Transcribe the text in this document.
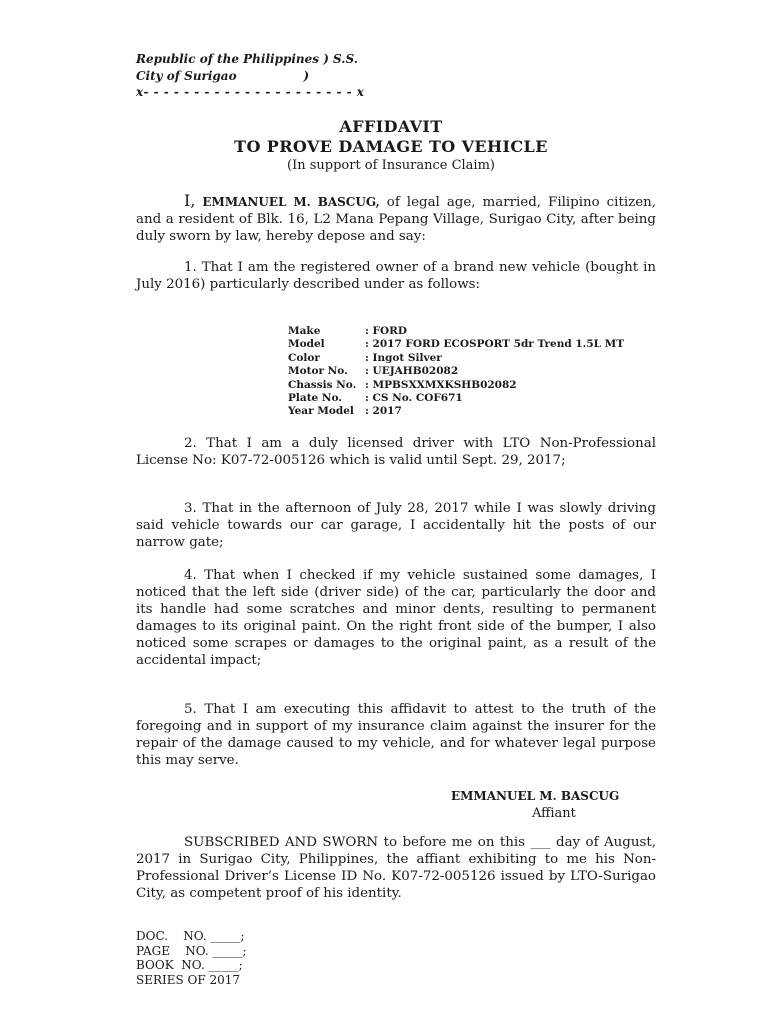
Republic of the Philippines ) S.S.
City of Surigao                )
x- - - - - - - - - - - - - - - - - - - - - x
AFFIDAVIT
TO PROVE DAMAGE TO VEHICLE
(In support of Insurance Claim)
I, EMMANUEL M. BASCUG, of legal age, married, Filipino citizen, and a resident of Blk. 16, L2 Mana Pepang Village, Surigao City, after being duly sworn by law, hereby depose and say:
1. That I am the registered owner of a brand new vehicle (bought in July 2016) particularly described under as follows:
Make	: FORD
Model	: 2017 FORD ECOSPORT 5dr Trend 1.5L MT
Color	: Ingot Silver
Motor No. : UEJAHB02082
Chassis No. : MPBSXXMXKSHB02082
Plate No. : CS No. COF671
Year Model : 2017
2. That I am a duly licensed driver with LTO Non-Professional License No: K07-72-005126 which is valid until Sept. 29, 2017;
3. That in the afternoon of July 28, 2017 while I was slowly driving said vehicle towards our car garage, I accidentally hit the posts of our narrow gate;
4. That when I checked if my vehicle sustained some damages, I noticed that the left side (driver side) of the car, particularly the door and its handle had some scratches and minor dents, resulting to permanent damages to its original paint. On the right front side of the bumper, I also noticed some scrapes or damages to the original paint, as a result of the accidental impact;
5. That I am executing this affidavit to attest to the truth of the foregoing and in support of my insurance claim against the insurer for the repair of the damage caused to my vehicle, and for whatever legal purpose this may serve.
EMMANUEL M. BASCUG
Affiant
SUBSCRIBED AND SWORN to before me on this ___ day of August, 2017 in Surigao City, Philippines, the affiant exhibiting to me his Non-Professional Driver’s License ID No. K07-72-005126 issued by LTO-Surigao City, as competent proof of his identity.
DOC.    NO. _____;
PAGE    NO. _____;
BOOK  NO. _____;
SERIES OF 2017
